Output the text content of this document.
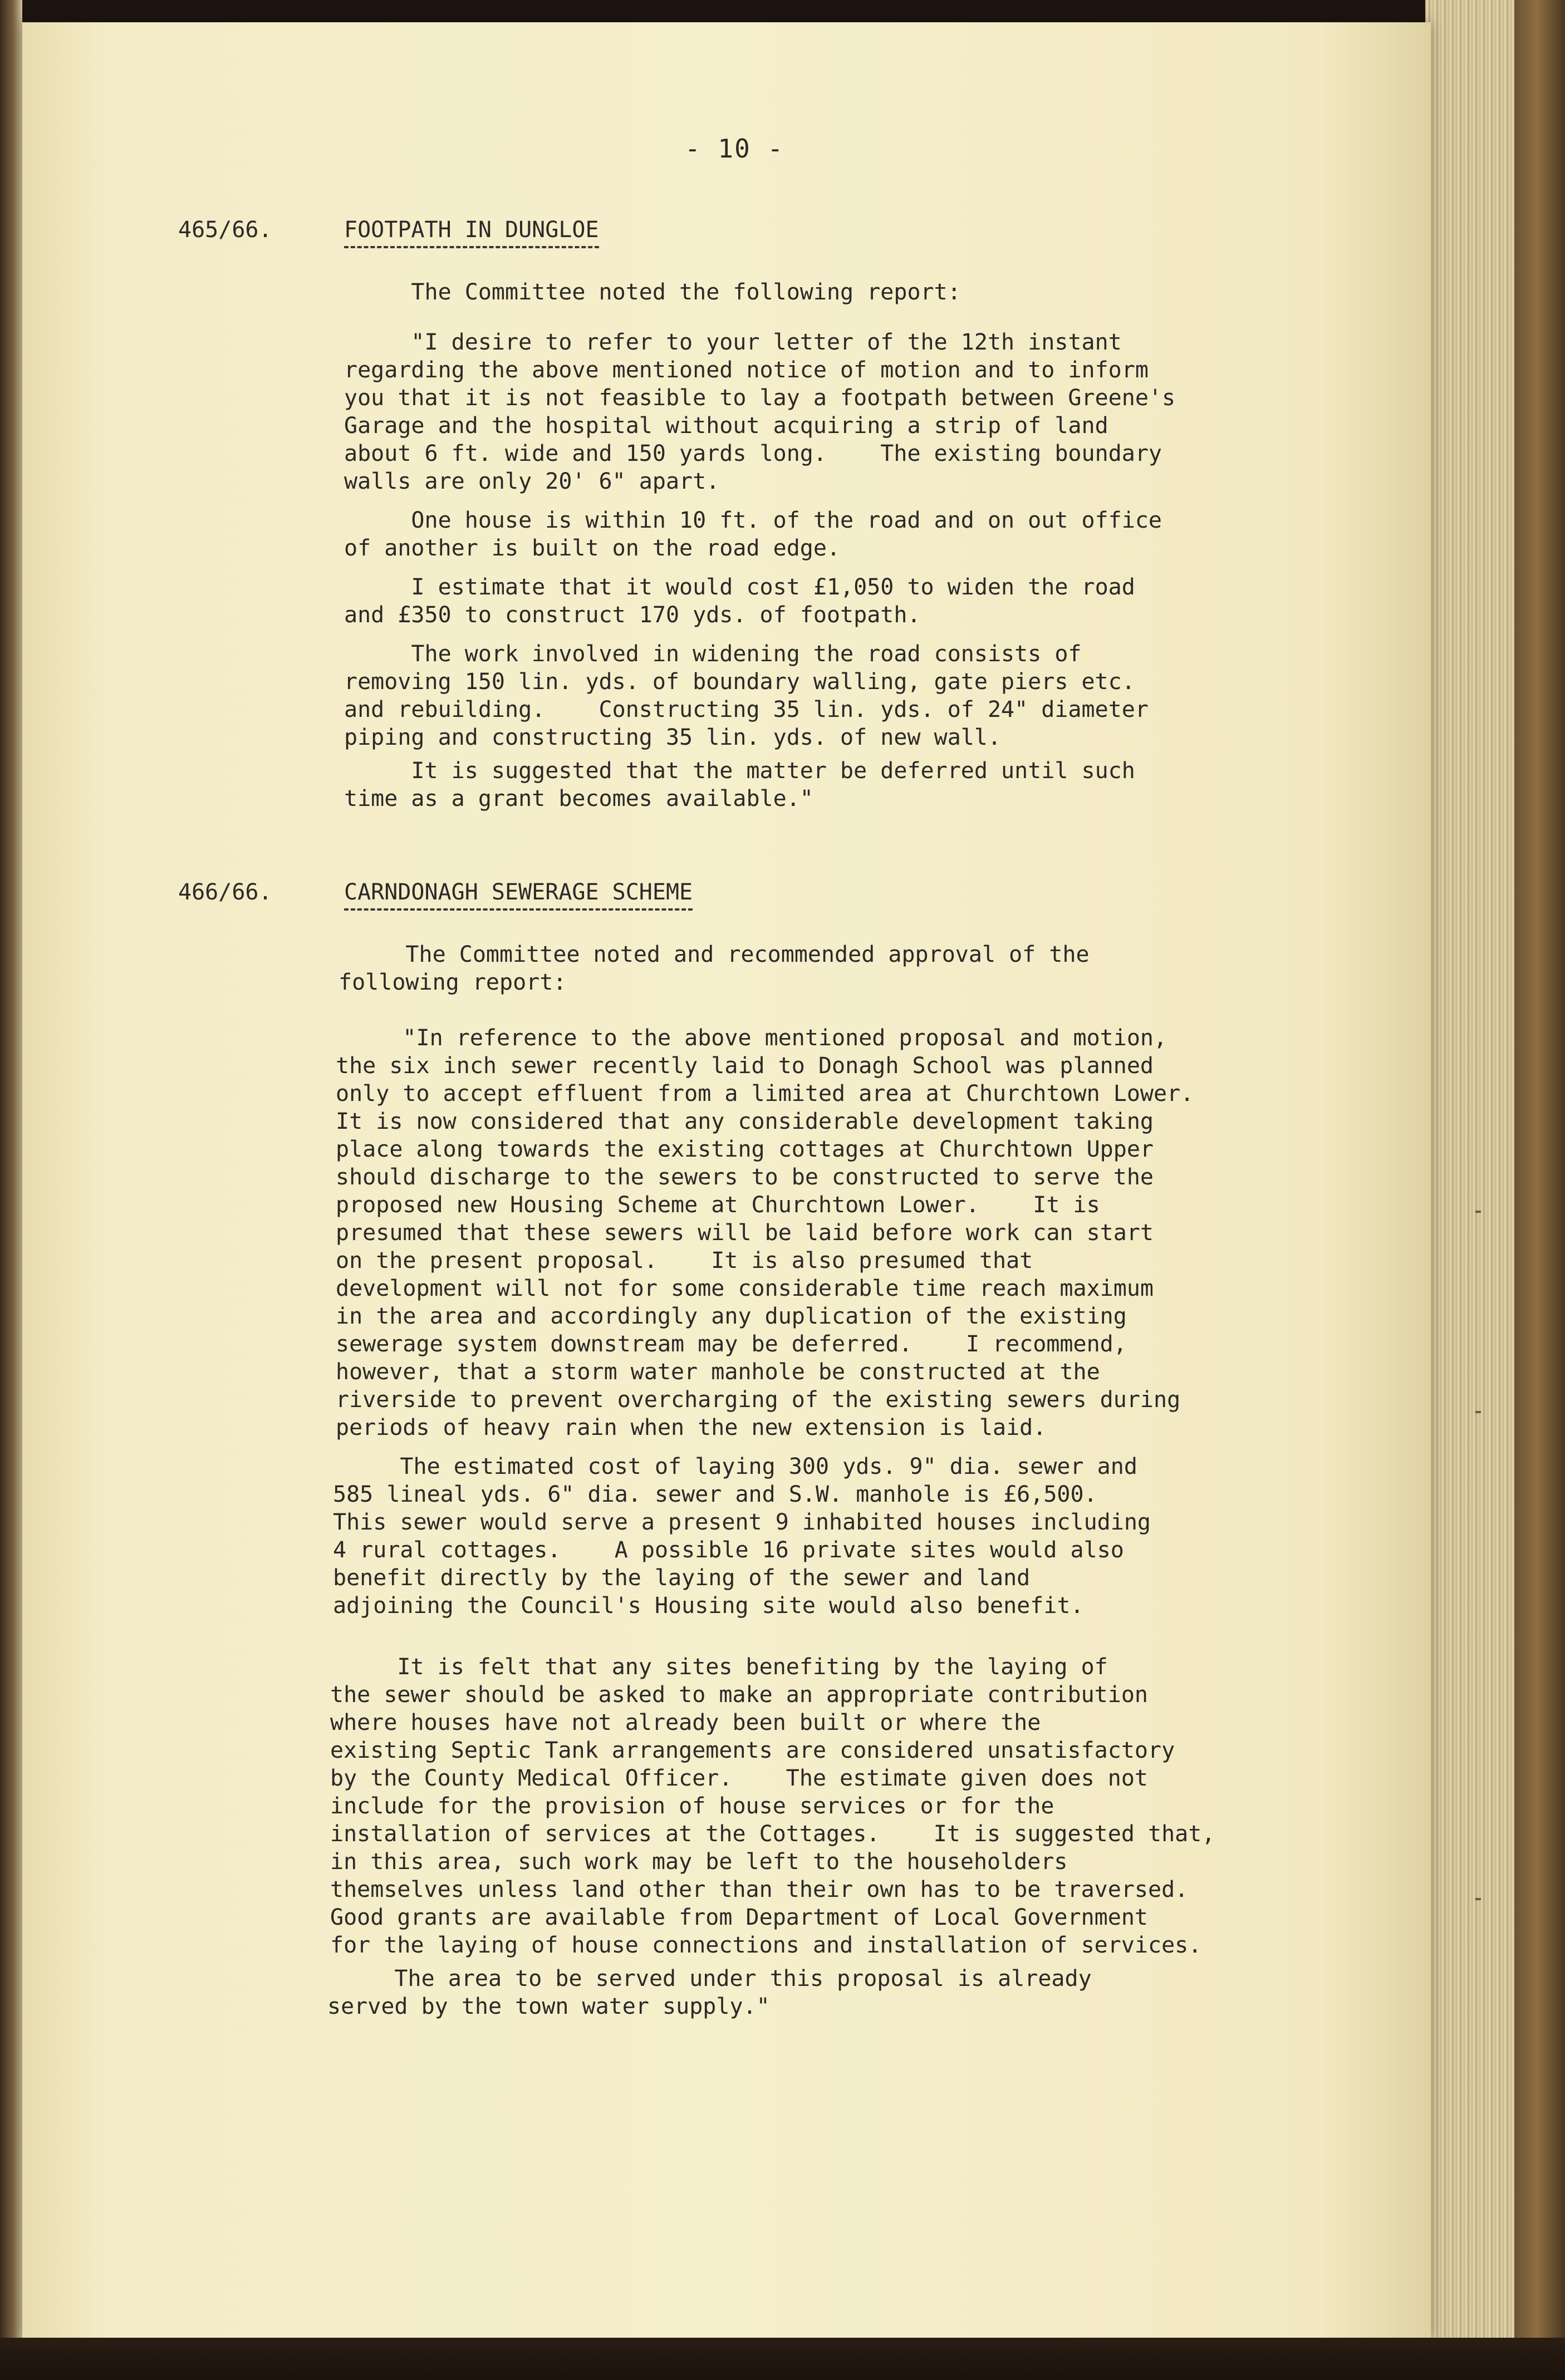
- 10 -
465/66.	FOOTPATH IN DUNGLOE

The Committee noted the following report:

"I desire to refer to your letter of the 12th instant
regarding the above mentioned notice of motion and to inform
you that it is not feasible to lay a footpath between Greene's
Garage and the hospital without acquiring a strip of land
about 6 ft. wide and 150 yards long.    The existing boundary
walls are only 20' 6" apart.

One house is within 10 ft. of the road and on out office
of another is built on the road edge.

I estimate that it would cost £1,050 to widen the road
and £350 to construct 170 yds. of footpath.

The work involved in widening the road consists of
removing 150 lin. yds. of boundary walling, gate piers etc.
and rebuilding.    Constructing 35 lin. yds. of 24" diameter
piping and constructing 35 lin. yds. of new wall.

It is suggested that the matter be deferred until such
time as a grant becomes available."

466/66.	CARNDONAGH SEWERAGE SCHEME

The Committee noted and recommended approval of the
following report:

"In reference to the above mentioned proposal and motion,
the six inch sewer recently laid to Donagh School was planned
only to accept effluent from a limited area at Churchtown Lower.
It is now considered that any considerable development taking
place along towards the existing cottages at Churchtown Upper
should discharge to the sewers to be constructed to serve the
proposed new Housing Scheme at Churchtown Lower.    It is
presumed that these sewers will be laid before work can start
on the present proposal.    It is also presumed that
development will not for some considerable time reach maximum
in the area and accordingly any duplication of the existing
sewerage system downstream may be deferred.    I recommend,
however, that a storm water manhole be constructed at the
riverside to prevent overcharging of the existing sewers during
periods of heavy rain when the new extension is laid.

The estimated cost of laying 300 yds. 9" dia. sewer and
585 lineal yds. 6" dia. sewer and S.W. manhole is £6,500.
This sewer would serve a present 9 inhabited houses including
4 rural cottages.    A possible 16 private sites would also
benefit directly by the laying of the sewer and land
adjoining the Council's Housing site would also benefit.

It is felt that any sites benefiting by the laying of
the sewer should be asked to make an appropriate contribution
where houses have not already been built or where the
existing Septic Tank arrangements are considered unsatisfactory
by the County Medical Officer.    The estimate given does not
include for the provision of house services or for the
installation of services at the Cottages.    It is suggested that,
in this area, such work may be left to the householders
themselves unless land other than their own has to be traversed.
Good grants are available from Department of Local Government
for the laying of house connections and installation of services.

The area to be served under this proposal is already
served by the town water supply."
